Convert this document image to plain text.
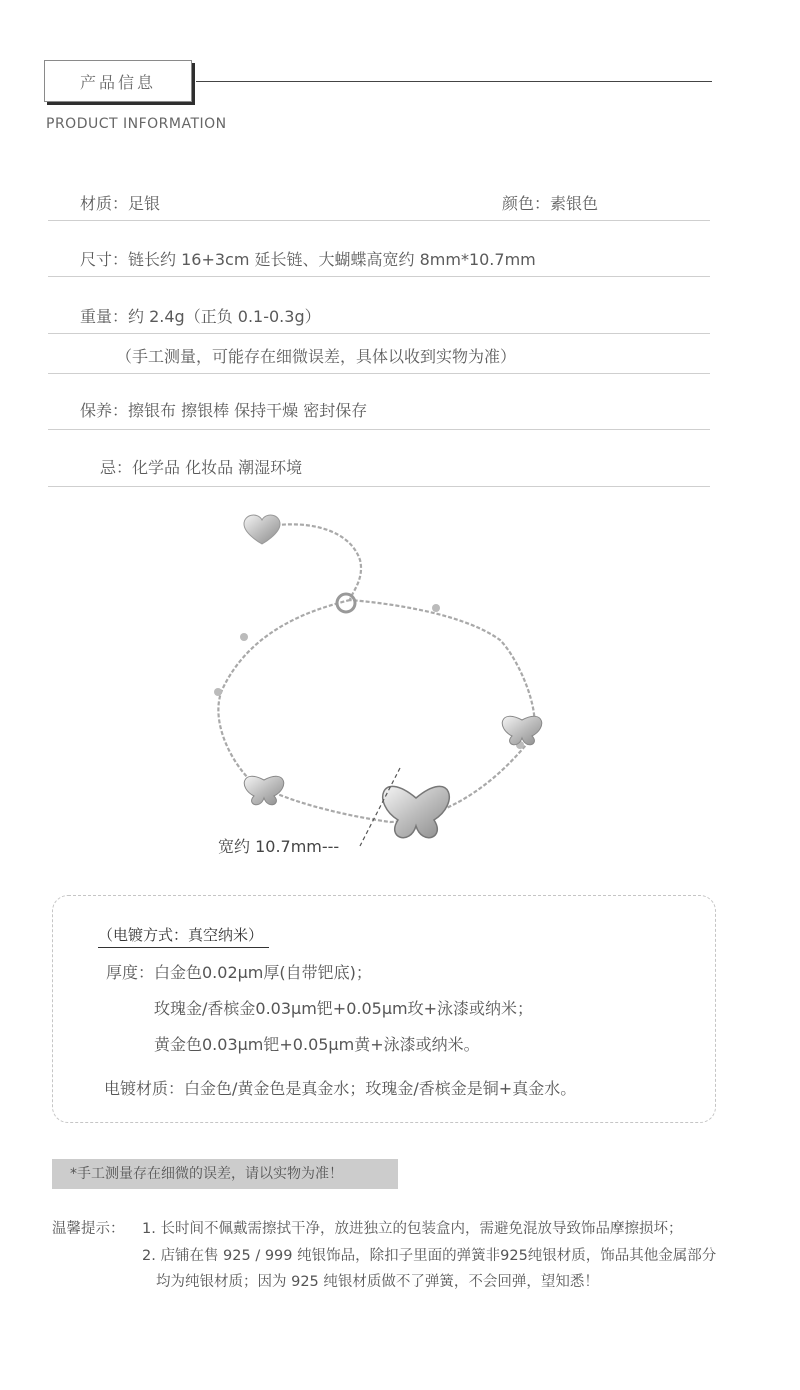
产品信息
PRODUCT INFORMATION
材质：足银	颜色：素银色
尺寸：链长约 16+3cm 延长链、大蝴蝶高宽约 8mm*10.7mm
重量：约 2.4g（正负 0.1-0.3g）
（手工测量，可能存在细微误差，具体以收到实物为准）
保养：擦银布 擦银棒 保持干燥 密封保存
忌：化学品 化妆品 潮湿环境
宽约 10.7mm---
（电镀方式：真空纳米）
厚度：白金色0.02μm厚(自带钯底)；
玫瑰金/香槟金0.03μm钯+0.05μm玫+泳漆或纳米；
黄金色0.03μm钯+0.05μm黄+泳漆或纳米。
电镀材质：白金色/黄金色是真金水；玫瑰金/香槟金是铜+真金水。
*手工测量存在细微的误差，请以实物为准！
温馨提示： 1. 长时间不佩戴需擦拭干净，放进独立的包装盒内，需避免混放导致饰品摩擦损坏；
2. 店铺在售 925 / 999 纯银饰品，除扣子里面的弹簧非925纯银材质，饰品其他金属部分
均为纯银材质；因为 925 纯银材质做不了弹簧，不会回弹，望知悉！
